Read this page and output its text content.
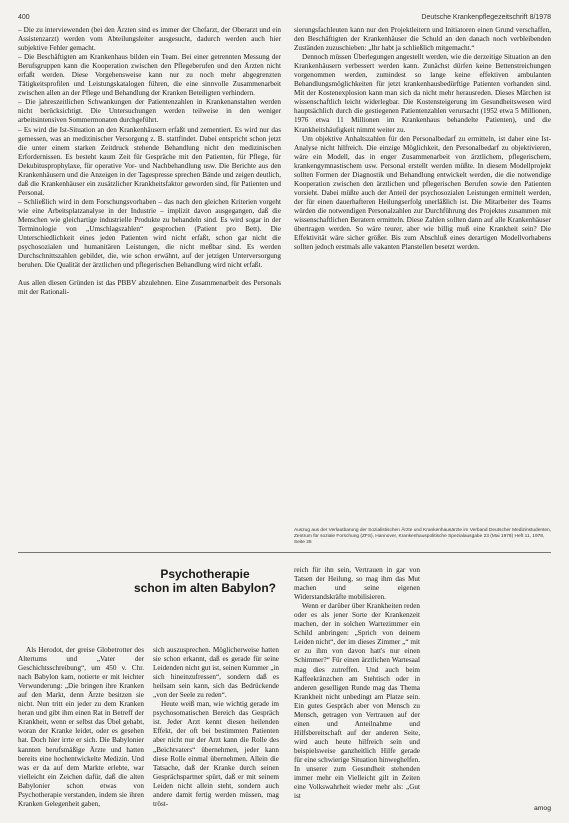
400	Deutsche Krankenpflegezeitschrift 8/1978

– Die zu interviewenden (bei den Ärzten sind es immer der Chefarzt, der Oberarzt und ein Assistenzarzt) werden vom Abteilungsleiter ausgesucht, dadurch werden auch hier subjektive Fehler gemacht.

– Die Beschäftigten am Krankenhaus bilden ein Team. Bei einer getrennten Messung der Berufsgruppen kann die Kooperation zwischen den Pflegeberufen und den Ärzten nicht erfaßt werden. Diese Vorgehensweise kann nur zu noch mehr abgegrenzten Tätigkeitsprofilen und Leistungskatalogen führen, die eine sinnvolle Zusammenarbeit zwischen allen an der Pflege und Behandlung der Kranken Beteiligten verhindern.

– Die jahreszeitlichen Schwankungen der Patientenzahlen in Krankenanstalten werden nicht berücksichtigt. Die Untersuchungen werden teilweise in den weniger arbeitsintensiven Sommermonaten durchgeführt.

– Es wird die Ist-Situation an den Krankenhäusern erfaßt und zementiert. Es wird nur das gemessen, was an medizinischer Versorgung z. B. stattfindet. Dabei entspricht schon jetzt die unter einem starken Zeitdruck stehende Behandlung nicht den medizinischen Erfordernissen. Es besteht kaum Zeit für Gespräche mit den Patienten, für Pflege, für Dekubitusprophylaxe, für operative Vor- und Nachbehandlung usw. Die Berichte aus den Krankenhäusern und die Anzeigen in der Tagespresse sprechen Bände und zeigen deutlich, daß die Krankenhäuser ein zusätzlicher Krankheitsfaktor geworden sind, für Patienten und Personal.

– Schließlich wird in dem Forschungsvorhaben – das nach den gleichen Kriterien vorgeht wie eine Arbeitsplatzanalyse in der Industrie – implizit davon ausgegangen, daß die Menschen wie gleichartige industrielle Produkte zu behandeln sind. Es wird sogar in der Terminologie von „Umschlagszahlen“ gesprochen (Patient pro Bett). Die Unterschiedlichkeit eines jeden Patienten wird nicht erfaßt, schon gar nicht die psychosozialen und humanitären Leistungen, die nicht meßbar sind. Es werden Durchschnittszahlen gebildet, die, wie schon erwähnt, auf der jetzigen Unterversorgung beruhen. Die Qualität der ärztlichen und pflegerischen Behandlung wird nicht erfaßt.

Aus allen diesen Gründen ist das PBBV abzulehnen. Eine Zusammenarbeit des Personals mit der Rationali-

sierungsfachleuten kann nur den Projektleitern und Initiatoren einen Grund verschaffen, den Beschäftigten der Krankenhäuser die Schuld an den danach noch verbleibenden Zuständen zuzuschieben: „Ihr habt ja schließlich mitgemacht.“

Dennoch müssen Überlegungen angestellt werden, wie die derzeitige Situation an den Krankenhäusern verbessert werden kann. Zunächst dürfen keine Bettenstreichungen vorgenommen werden, zumindest so lange keine effektiven ambulanten Behandlungsmöglichkeiten für jetzt krankenhausbedürftige Patienten vorhanden sind. Mit der Kostenexplosion kann man sich da nicht mehr herausreden. Dieses Märchen ist wissenschaftlich leicht widerlegbar. Die Kostensteigerung im Gesundheitswesen wird hauptsächlich durch die gestiegenen Patientenzahlen verursacht (1952 etwa 5 Millionen, 1976 etwa 11 Millionen im Krankenhaus behandelte Patienten), und die Krankheitshäufigkeit nimmt weiter zu.

Um objektive Anhaltszahlen für den Personalbedarf zu ermitteln, ist daher eine Ist-Analyse nicht hilfreich. Die einzige Möglichkeit, den Personalbedarf zu objektivieren, wäre ein Modell, das in enger Zusammenarbeit von ärztlichem, pflegerischem, krankengymnastischem usw. Personal erstellt werden müßte. In diesem Modellprojekt sollten Formen der Diagnostik und Behandlung entwickelt werden, die die notwendige Kooperation zwischen den ärztlichen und pflegerischen Berufen sowie den Patienten vorsieht. Dabei müßte auch der Anteil der psychosozialen Leistungen ermittelt werden, der für einen dauerhafteren Heilungserfolg unerläßlich ist. Die Mitarbeiter des Teams würden die notwendigen Personalzahlen zur Durchführung des Projektes zusammen mit wissenschaftlichen Beratern ermitteln. Diese Zahlen sollten dann auf alle Krankenhäuser übertragen werden. So wäre teurer, aber wie billig muß eine Krankheit sein? Die Effektivität wäre sicher größer. Bis zum Abschluß eines derartigen Modellvorhabens sollten jedoch erstmals alle vakanten Planstellen besetzt werden.

Auszug aus der Verlautbarung der Sozialistischen Ärzte und Krankenhausärzte im Verband Deutscher Medizinstudenten, Zentrum für soziale Forschung (ZFS), Hannover, Krankenhauspolitische Spezialausgabe 23 (Mai 1978) Heft 11, 1978, Seite 25
Psychotherapie
schon im alten Babylon?

Als Herodot, der greise Globetrotter des Altertums und „Vater der Geschichtsschreibung“, um 450 v. Chr. nach Babylon kam, notierte er mit leichter Verwunderung: „Die bringen ihre Kranken auf den Markt, denn Ärzte besitzen sie nicht. Nun tritt ein jeder zu dem Kranken heran und gibt ihm einen Rat in Betreff der Krankheit, wenn er selbst das Übel gehabt, woran der Kranke leidet, oder es gesehen hat. Doch hier irrte er sich. Die Babylonier kannten berufsmäßige Ärzte und hatten bereits eine hochentwickelte Medizin. Und was er da auf dem Markte erlebte, war vielleicht ein Zeichen dafür, daß die alten Babylonier schon etwas von Psychotherapie verstanden, indem sie ihren Kranken Gelegenheit gaben,

sich auszusprechen. Möglicherweise hatten sie schon erkannt, daß es gerade für seine Leidenden nicht gut ist, seinen Kummer „in sich hineinzufressen“, sondern daß es heilsam sein kann, sich das Bedrückende „von der Seele zu reden“.

Heute weiß man, wie wichtig gerade im psychosomatischen Bereich das Gespräch ist. Jeder Arzt kennt diesen heilenden Effekt, der oft bei bestimmten Patienten aber nicht nur der Arzt kann die Rolle des „Beichtvaters“ übernehmen, jeder kann diese Rolle einmal übernehmen. Allein die Tatsache, daß der Kranke durch seinen Gesprächspartner spürt, daß er mit seinem Leiden nicht allein steht, sondern auch andere damit fertig werden müssen, mag tröst-

reich für ihn sein, Vertrauen in gar von Tatsen der Heilung, so mag ihm das Mut machen und seine eigenen Widerstandskräfte mobilisieren.

Wenn er darüber über Krankheiten reden oder es als jener Sorte der Krankenzeit machen, der in solchen Wartezimmer ein Schild anbringen: „Sprich von deinem Leiden nicht“, der im dieses Zimmer „“ mit er zu ihm von davon hatt's nur einen Schimmer?“ Für einen ärztlichen Wartesaal mag dies zutreffen. Und auch beim Kaffeekränzchen am Stehtisch oder in anderen geselligen Runde mag das Thema Krankheit nicht unbedingt am Platze sein. Ein gutes Gespräch aber von Mensch zu Mensch, getragen von Vertrauen auf der einen und Anteilnahme und Hilfsbereitschaft auf der anderen Seite, wird auch heute hilfreich sein und beispielsweise ganzheitlich Hilfe gerade für eine schwierige Situation hinweghelfen. In unserer zum Gesundheit stehenden immer mehr ein Vielleicht gilt in Zeiten eine Volkswahrheit wieder mehr als: „Gut ist

amog
